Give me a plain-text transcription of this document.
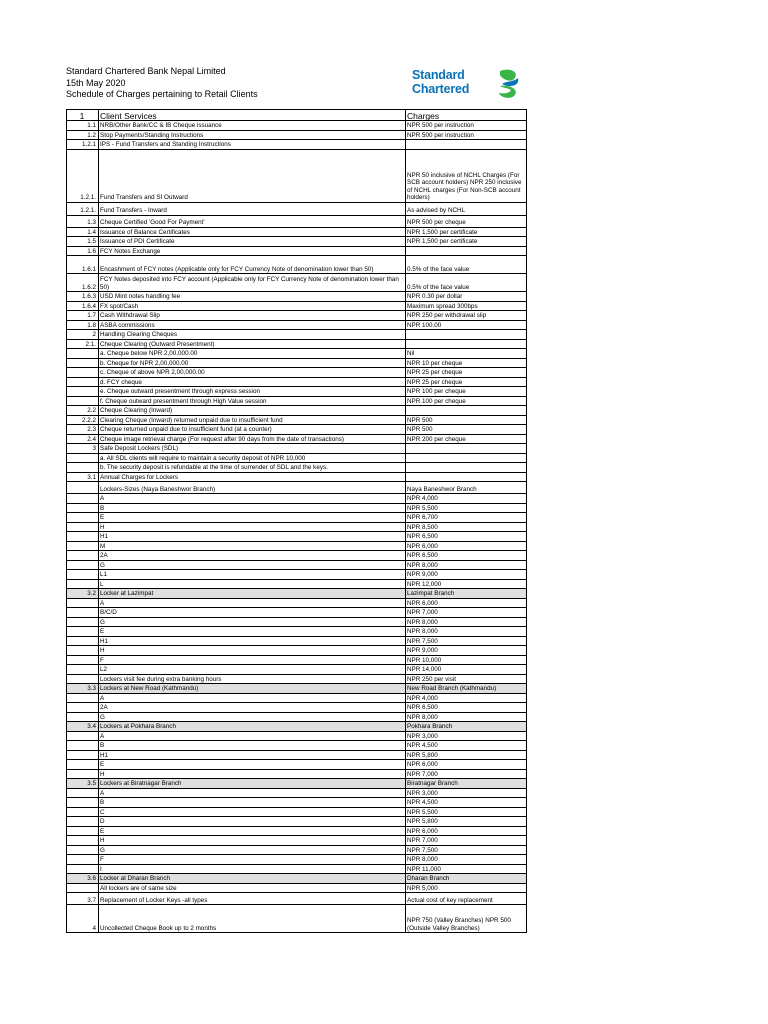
Standard Chartered Bank Nepal Limited
15th May 2020
Schedule of Charges pertaining to Retail Clients
Standard
Chartered
1	Client Services	Charges
1.1	NRB/Other Bank/CC & IB Cheque issuance	NPR 500 per instruction
1.2	Stop Payments/Standing Instructions	NPR 500 per instruction
1.2.1	IPS - Fund Transfers and Standing Instructions	
1.2.1.	Fund Transfers and SI Outward	NPR 50 inclusive of NCHL Charges (For SCB account holders) NPR 250 inclusive of NCHL charges (For Non-SCB account holders)
1.2.1.	Fund Transfers - Inward	As advised by NCHL
1.3	Cheque Certified 'Good For Payment'	NPR 500 per cheque
1.4	Issuance of Balance Certificates	NPR 1,500 per certificate
1.5	Issuance of PDI Certificate	NPR 1,500 per certificate
1.6	FCY Notes Exchange	
1.6.1	Encashment of FCY notes (Applicable only for FCY Currency Note of denomination lower than 50)	0.5% of the face value
1.6.2	FCY Notes deposited into FCY account (Applicable only for FCY Currency Note of denomination lower than 50)	0.5% of the face value
1.6.3	USD Mint notes handling fee	NPR 0.30 per dollar
1.6.4	FX spot/Cash	Maximum spread 300bps
1.7	Cash Withdrawal Slip	NPR 250 per withdrawal slip
1.8	ASBA commissions	NPR 100.00
2	Handling Clearing Cheques	
2.1.	Cheque Clearing (Outward Presentment)	
	a. Cheque below NPR 2,00,000.00	Nil
	b. Cheque for NPR 2,00,000.00	NPR 10 per cheque
	c. Cheque of above NPR 2,00,000.00	NPR 25 per cheque
	d. FCY cheque	NPR 25 per cheque
	e. Cheque outward presentment through express session	NPR 100 per cheque
	f. Cheque outward presentment through High Value session	NPR 100 per cheque
2.2	Cheque Clearing (Inward)	
2.2.2	Clearing Cheque (Inward) returned unpaid due to insufficient fund	NPR 500
2.3	Cheque returned unpaid due to insufficient fund (at a counter)	NPR 500
2.4	Cheque image retrieval charge (For request after 90 days from the date of transactions)	NPR 200 per cheque
3	Safe Deposit Lockers (SDL)	
	a. All SDL clients will require to maintain a security deposit of NPR 10,000	
	b. The security deposit is refundable at the time of surrender of SDL and the keys.	
3.1	Annual Charges for Lockers	
	Lockers-Sizes (Naya Baneshwor Branch)	Naya Baneshwor Branch
	A	NPR 4,000
	B	NPR 5,500
	E	NPR 6,700
	H	NPR 8,500
	H1	NPR 6,500
	M	NPR 6,000
	2A	NPR 6,500
	G	NPR 8,000
	L1	NPR 9,000
	L	NPR 12,000
3.2	Locker at Lazimpat	Lazimpat Branch
	A	NPR 6,000
	B/C/D	NPR 7,000
	G	NPR 8,000
	E	NPR 8,000
	H1	NPR 7,500
	H	NPR 9,000
	F	NPR 10,000
	L2	NPR 14,000
	Lockers visit fee during extra banking hours	NPR 250 per visit
3.3	Lockers at New Road (Kathmandu)	New Road Branch (Kathmandu)
	A	NPR 4,000
	2A	NPR 6,500
	G	NPR 8,000
3.4	Lockers at Pokhara Branch	Pokhara Branch
	A	NPR 3,000
	B	NPR 4,500
	H1	NPR 5,800
	E	NPR 6,000
	H	NPR 7,000
3.5	Lockers at Biratnagar Branch	Biratnagar Branch
	A	NPR 3,000
	B	NPR 4,500
	C	NPR 5,500
	D	NPR 5,800
	E	NPR 6,000
	H	NPR 7,000
	G	NPR 7,500
	F	NPR 8,000
	I	NPR 11,000
3.6	Locker at Dharan Branch	Dharan Branch
	All lockers are of same size	NPR 5,000
3.7	Replacement of Locker Keys -all types	Actual cost of key replacement
4	Uncollected Cheque Book up to 2 months	NPR 750 (Valley Branches) NPR 500 (Outside Valley Branches)
